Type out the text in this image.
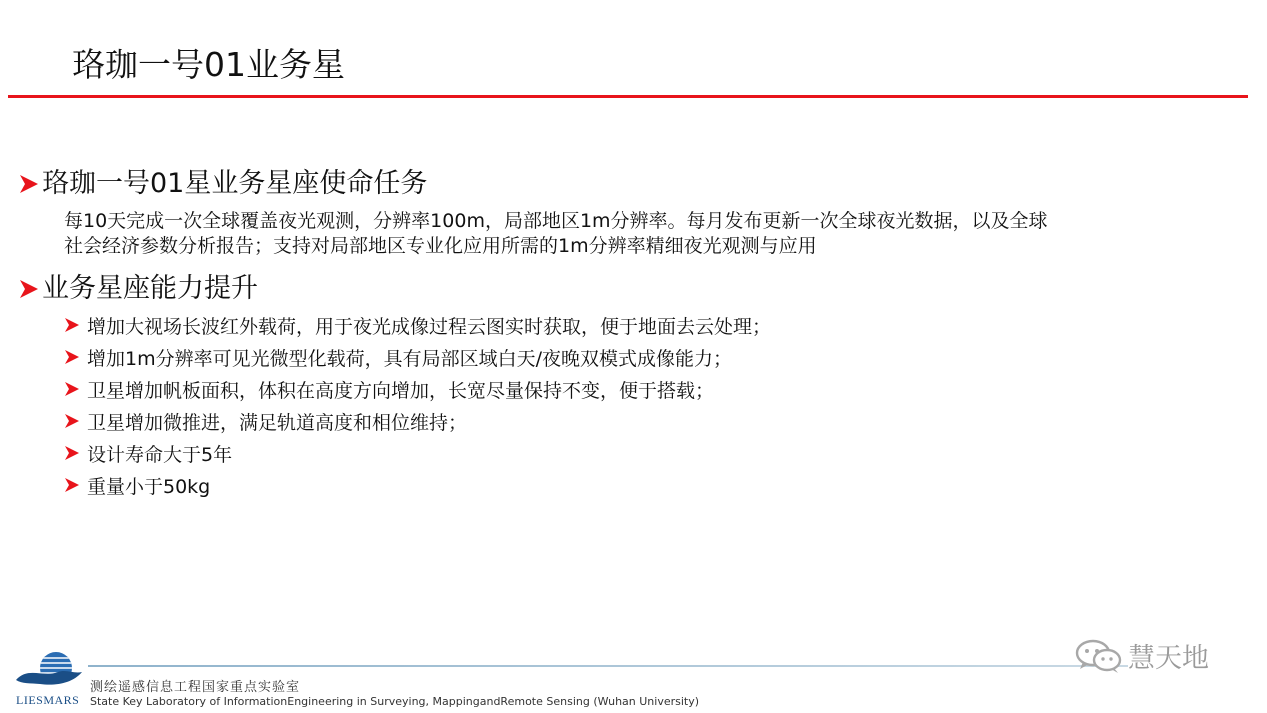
珞珈一号01业务星
珞珈一号01星业务星座使命任务
每10天完成一次全球覆盖夜光观测，分辨率100m，局部地区1m分辨率。每月发布更新一次全球夜光数据，以及全球
社会经济参数分析报告；支持对局部地区专业化应用所需的1m分辨率精细夜光观测与应用
业务星座能力提升
增加大视场长波红外载荷，用于夜光成像过程云图实时获取，便于地面去云处理；
增加1m分辨率可见光微型化载荷，具有局部区域白天/夜晚双模式成像能力；
卫星增加帆板面积，体积在高度方向增加，长宽尽量保持不变，便于搭载；
卫星增加微推进，满足轨道高度和相位维持；
设计寿命大于5年
重量小于50kg
LIESMARS
测绘遥感信息工程国家重点实验室
State Key Laboratory of InformationEngineering in Surveying, MappingandRemote Sensing (Wuhan University)
慧天地
